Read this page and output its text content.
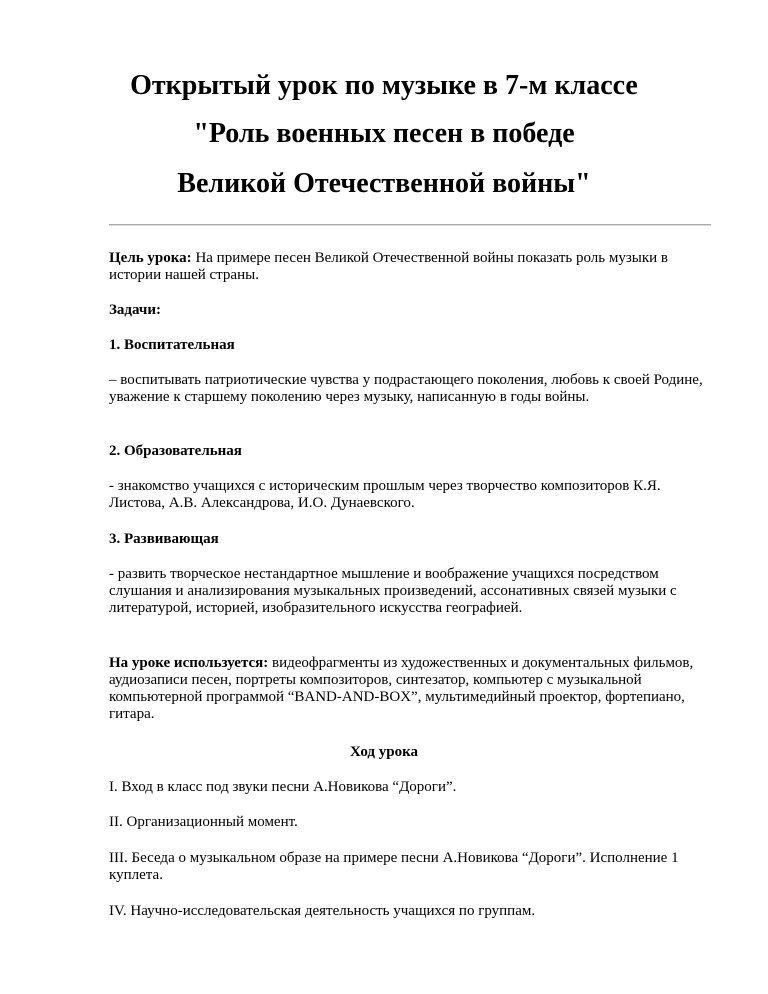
Открытый урок по музыке в 7-м классе
"Роль военных песен в победе
Великой Отечественной войны"

Цель урока: На примере песен Великой Отечественной войны показать роль музыки в истории нашей страны.

Задачи:

1. Воспитательная

– воспитывать патриотические чувства у подрастающего поколения, любовь к своей Родине, уважение к старшему поколению через музыку, написанную в годы войны.

2. Образовательная

- знакомство учащихся с историческим прошлым через творчество композиторов К.Я. Листова, А.В. Александрова, И.О. Дунаевского.

3. Развивающая

- развить творческое нестандартное мышление и воображение учащихся посредством слушания и анализирования музыкальных произведений, ассонативных связей музыки с литературой, историей, изобразительного искусства географией.

На уроке используется: видеофрагменты из художественных и документальных фильмов, аудиозаписи песен, портреты композиторов, синтезатор, компьютер с музыкальной компьютерной программой “BAND-AND-BOX”, мультимедийный проектор, фортепиано, гитара.

Ход урока

I. Вход в класс под звуки песни А.Новикова “Дороги”.

II. Организационный момент.

III. Беседа о музыкальном образе на примере песни А.Новикова “Дороги”. Исполнение 1 куплета.

IV. Научно-исследовательская деятельность учащихся по группам.
